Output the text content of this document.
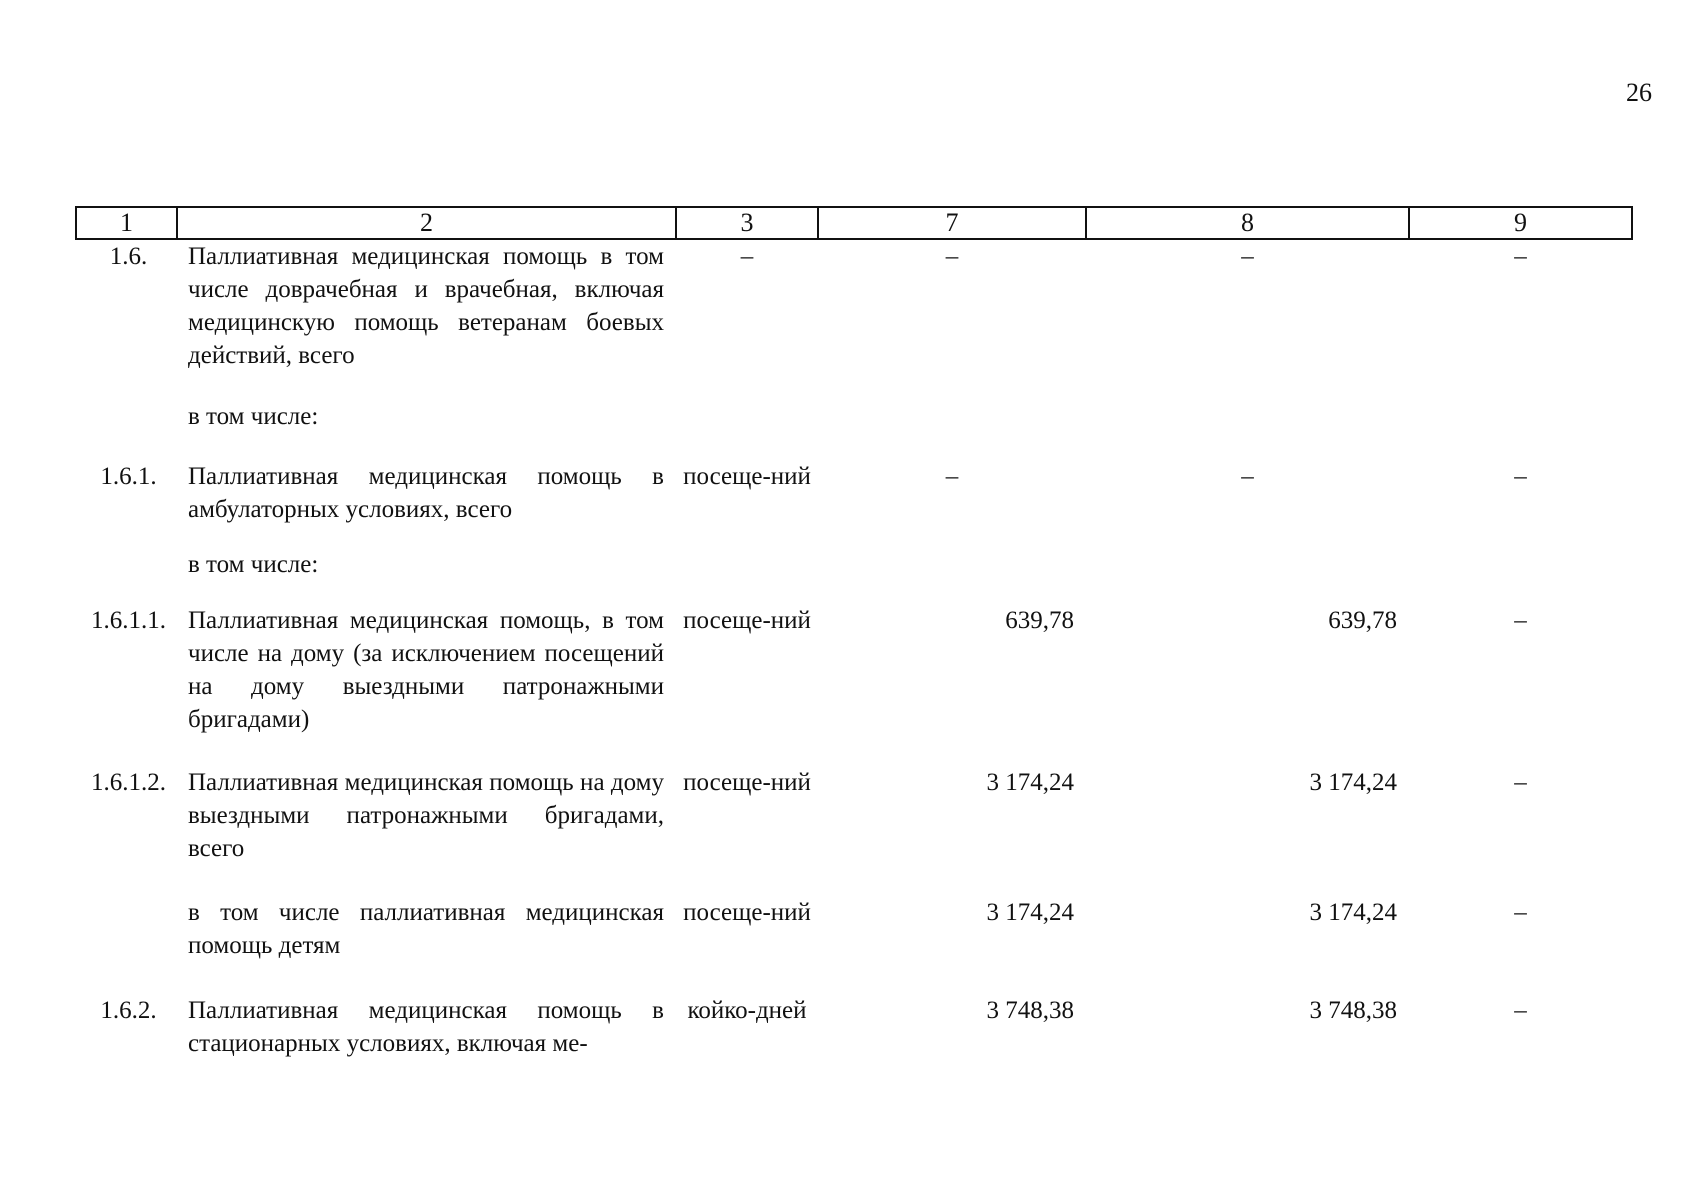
26
1	2	3	7	8	9
1.6.	Паллиативная медицинская помощь в том числе доврачебная и врачебная, включая медицинскую помощь ветеранам боевых действий, всего	–	–	–	–
	в том числе:				
1.6.1.	Паллиативная медицинская помощь в амбулаторных условиях, всего	посеще-ний	–	–	–
	в том числе:				
1.6.1.1.	Паллиативная медицинская помощь, в том числе на дому (за исключением посещений на дому выездными патронажными бригадами)	посеще-ний	639,78	639,78	–
1.6.1.2.	Паллиативная медицинская помощь на дому выездными патронажными бригадами, всего	посеще-ний	3 174,24	3 174,24	–
	в том числе паллиативная медицинская помощь детям	посеще-ний	3 174,24	3 174,24	–
1.6.2.	Паллиативная медицинская помощь в стационарных условиях, включая ме-	койко-дней	3 748,38	3 748,38	–
